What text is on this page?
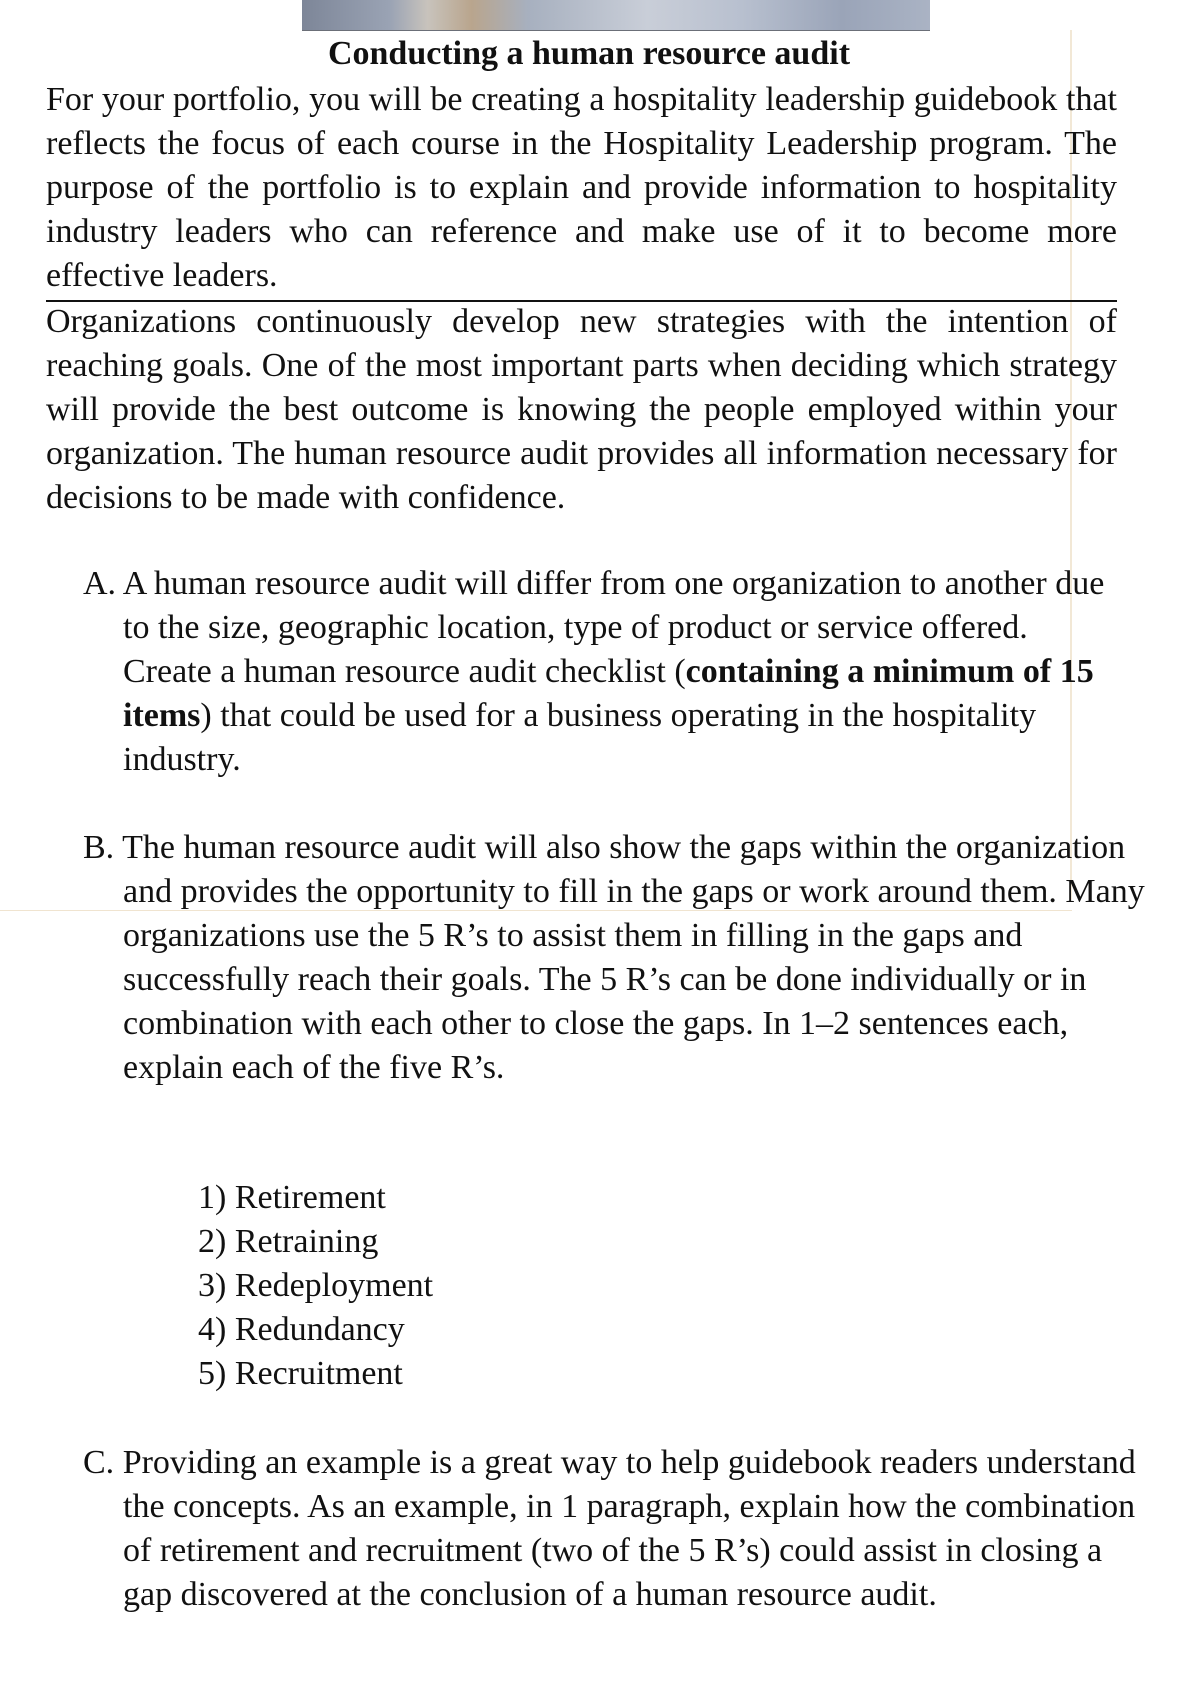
Conducting a human resource audit
For your portfolio, you will be creating a hospitality leadership guidebook that reflects the focus of each course in the Hospitality Leadership program. The purpose of the portfolio is to explain and provide information to hospitality industry leaders who can reference and make use of it to become more effective leaders.
Organizations continuously develop new strategies with the intention of reaching goals. One of the most important parts when deciding which strategy will provide the best outcome is knowing the people employed within your organization. The human resource audit provides all information necessary for decisions to be made with confidence.
A. A human resource audit will differ from one organization to another due to the size, geographic location, type of product or service offered. Create a human resource audit checklist (containing a minimum of 15 items) that could be used for a business operating in the hospitality industry.
B. The human resource audit will also show the gaps within the organization and provides the opportunity to fill in the gaps or work around them. Many organizations use the 5 R’s to assist them in filling in the gaps and successfully reach their goals. The 5 R’s can be done individually or in combination with each other to close the gaps. In 1–2 sentences each, explain each of the five R’s.
1) Retirement
2) Retraining
3) Redeployment
4) Redundancy
5) Recruitment
C. Providing an example is a great way to help guidebook readers understand the concepts. As an example, in 1 paragraph, explain how the combination of retirement and recruitment (two of the 5 R’s) could assist in closing a gap discovered at the conclusion of a human resource audit.
